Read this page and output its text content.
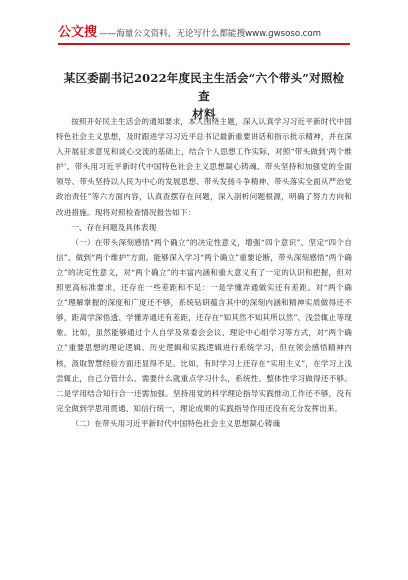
公文搜 ——海量公文资料，无论写什么都能搜www.gwsoso.com
某区委副书记2022年度民主生活会“六个带头”对照检查
材料

按照开好民主生活会的通知要求，本人围绕主题，深入认真学习习近平新时代中国特色社会主义思想，及时跟进学习习近平总书记最新重要讲话和指示批示精神，并在深入开展征求意见和谈心交流的基础上，结合个人思想工作实际，对照“带头做到‘两个维护’、带头用习近平新时代中国特色社会主义思想凝心铸魂、带头坚持和加强党的全面领导、带头坚持以人民为中心的发展思想、带头发扬斗争精神、带头落实全面从严治党政治责任”等六方面内容，认真查摆存在问题，深入剖析问题根源，明确了努力方向和改进措施。现将对照检查情况报告如下：

一、存在问题及具体表现

（一）在带头深刻感悟“两个确立”的决定性意义，增强“四个意识”、坚定“四个自信”、做到“两个维护”方面。能够深入学习“两个确立”重要论断，带头深刻感悟“两个确立”的决定性意义，对“两个确立”的丰富内涵和重大意义有了一定的认识和把握，但对照更高标准要求，还存在一些差距和不足：一是学懂弄通做实还有差距。对“两个确立”理解掌握的深度和广度还不够，系统钻研蕴含其中的深刻内涵和精神实质做得还不够，距离学深悟透、学懂弄通还有差距，还存在“知其然不知其所以然”、浅尝辄止等现象。比如，虽然能够通过个人自学及常委会会议、理论中心组学习等方式，对“两个确立”重要思想的理论逻辑、历史逻辑和实践逻辑进行系统学习，但在领会感悟精神内核，汲取智慧经验方面还显得不足。比如，有时学习上还存在“实用主义”，在学习上浅尝辄止，自己分管什么、需要什么就重点学习什么，系统性、整体性学习做得还不够。二是学用结合知行合一还需加强。坚持用党的科学理论指导实践推动工作还不够，没有完全做到学思用贯通、知信行统一，理论成果的实践指导作用还没有充分发挥出来。

（二）在带头用习近平新时代中国特色社会主义思想凝心铸魂
